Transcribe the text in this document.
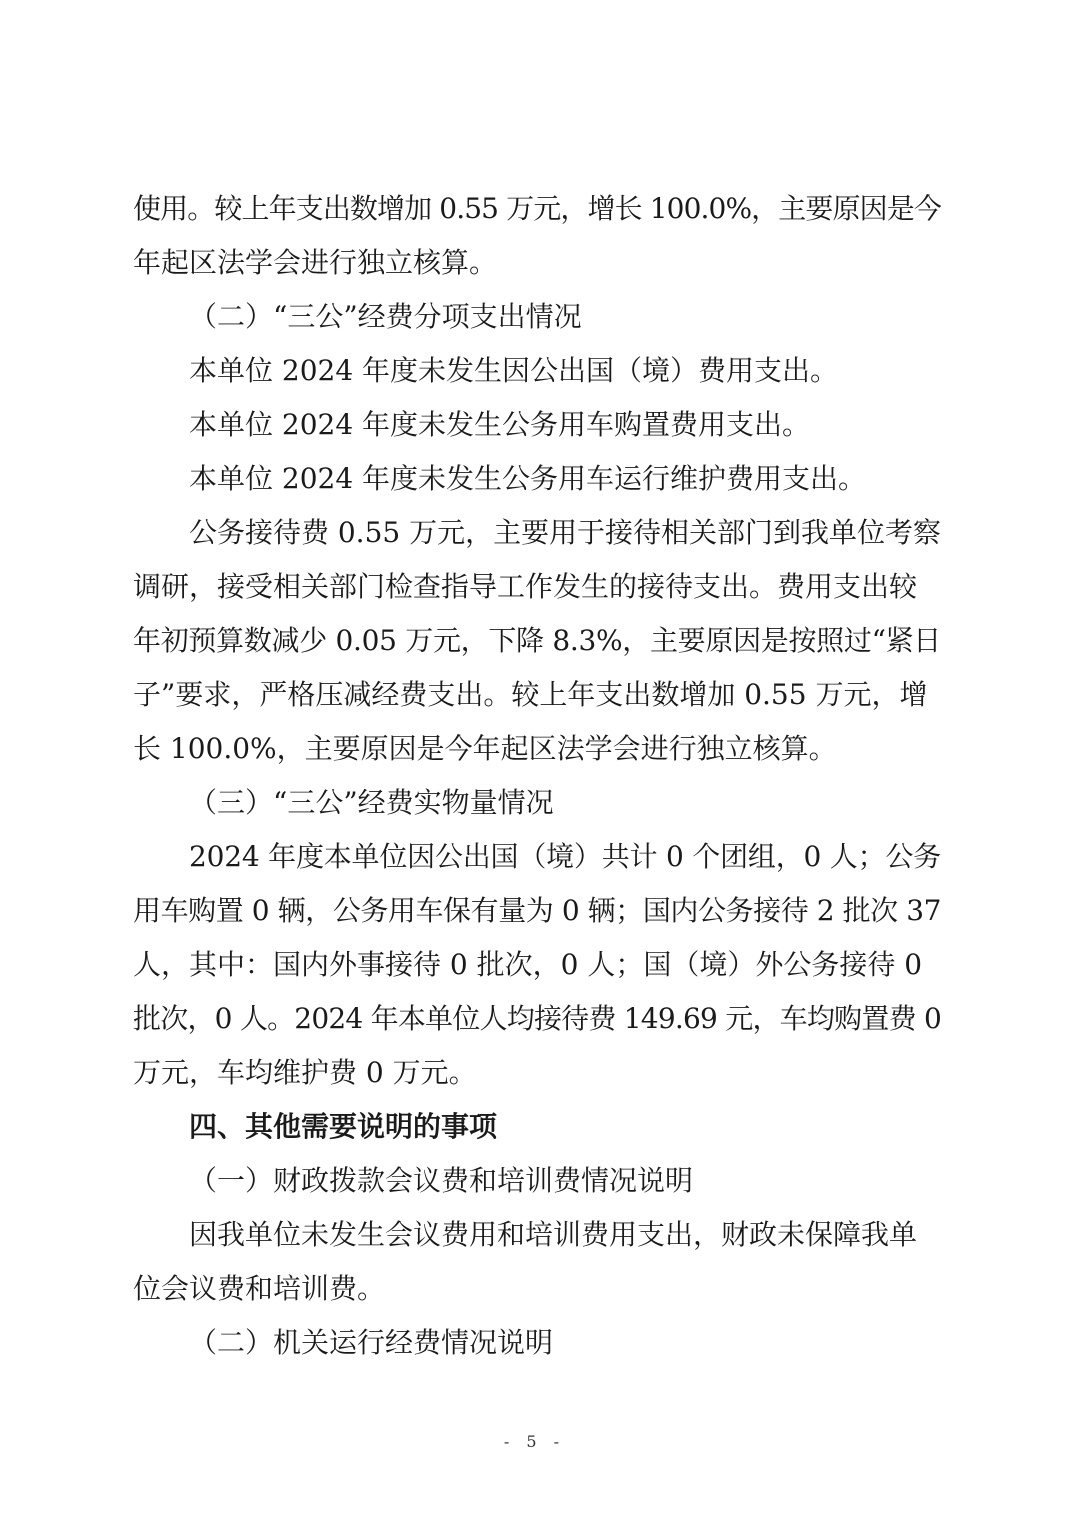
使用。较上年支出数增加 0.55 万元，增长 100.0%，主要原因是今
年起区法学会进行独立核算。
（二）“三公”经费分项支出情况
本单位 2024 年度未发生因公出国（境）费用支出。
本单位 2024 年度未发生公务用车购置费用支出。
本单位 2024 年度未发生公务用车运行维护费用支出。
公务接待费 0.55 万元，主要用于接待相关部门到我单位考察
调研，接受相关部门检查指导工作发生的接待支出。费用支出较
年初预算数减少 0.05 万元，下降 8.3%，主要原因是按照过“紧日
子”要求，严格压减经费支出。较上年支出数增加 0.55 万元，增
长 100.0%，主要原因是今年起区法学会进行独立核算。
（三）“三公”经费实物量情况
2024 年度本单位因公出国（境）共计 0 个团组，0 人；公务
用车购置 0 辆，公务用车保有量为 0 辆；国内公务接待 2 批次 37
人，其中：国内外事接待 0 批次，0 人；国（境）外公务接待 0
批次，0 人。2024 年本单位人均接待费 149.69 元，车均购置费 0
万元，车均维护费 0 万元。
四、其他需要说明的事项
（一）财政拨款会议费和培训费情况说明
因我单位未发生会议费用和培训费用支出，财政未保障我单
位会议费和培训费。
（二）机关运行经费情况说明
- 5 -
